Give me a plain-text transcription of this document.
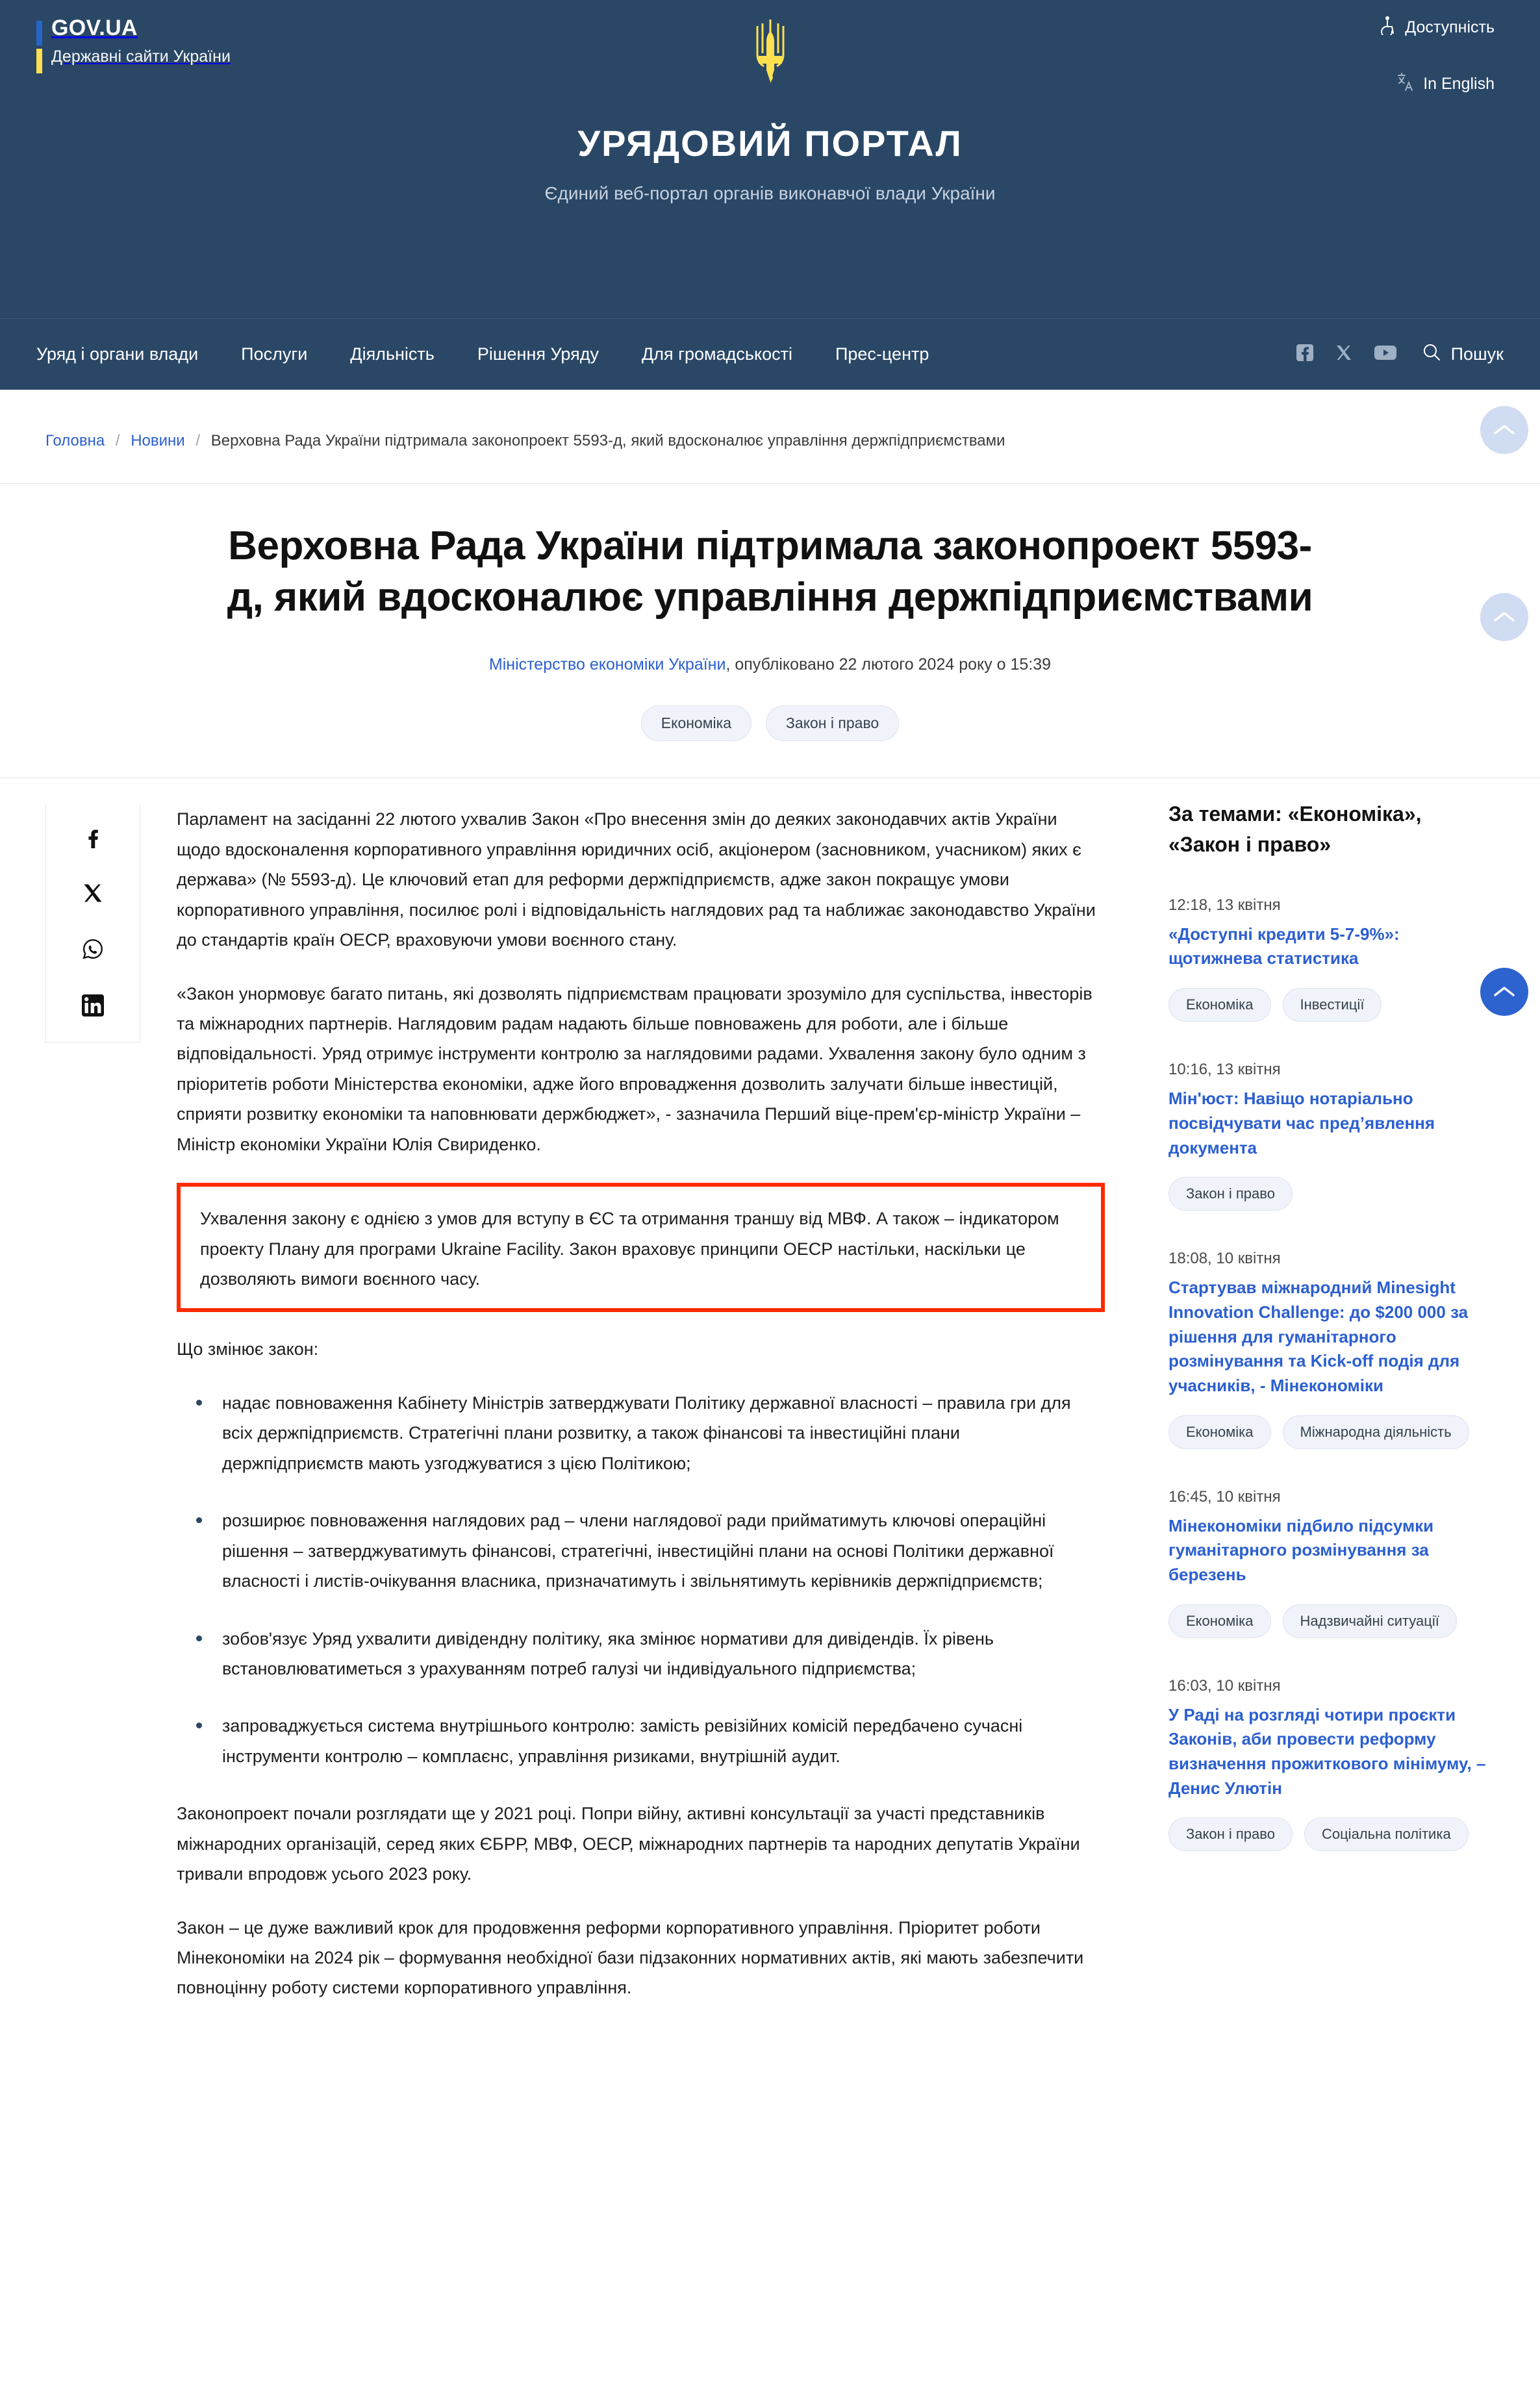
GOV.UA
Державні сайти України
Доступність
In English
УРЯДОВИЙ ПОРТАЛ
Єдиний веб-портал органів виконавчої влади України
Уряд і органи влади Послуги Діяльність Рішення Уряду Для громадськості Прес-центр	Пошук
Головна / Новини / Верховна Рада України підтримала законопроект 5593-д, який вдосконалює управління держпідприємствами
Верховна Рада України підтримала законопроект 5593-д, який вдосконалює управління держпідприємствами
Міністерство економіки України, опубліковано 22 лютого 2024 року о 15:39
Економіка	Закон і право

Парламент на засіданні 22 лютого ухвалив Закон «Про внесення змін до деяких законодавчих актів України щодо вдосконалення корпоративного управління юридичних осіб, акціонером (засновником, учасником) яких є держава» (№ 5593-д). Це ключовий етап для реформи держпідприємств, адже закон покращує умови корпоративного управління, посилює ролі і відповідальність наглядових рад та наближає законодавство України до стандартів країн ОЕСР, враховуючи умови воєнного стану.

«Закон унормовує багато питань, які дозволять підприємствам працювати зрозуміло для суспільства, інвесторів та міжнародних партнерів. Наглядовим радам надають більше повноважень для роботи, але і більше відповідальності. Уряд отримує інструменти контролю за наглядовими радами. Ухвалення закону було одним з пріоритетів роботи Міністерства економіки, адже його впровадження дозволить залучати більше інвестицій, сприяти розвитку економіки та наповнювати держбюджет», - зазначила Перший віце-прем'єр-міністр України – Міністр економіки України Юлія Свириденко.

Ухвалення закону є однією з умов для вступу в ЄС та отримання траншу від МВФ. А також – індикатором проекту Плану для програми Ukraine Facility. Закон враховує принципи ОЕСР настільки, наскільки це дозволяють вимоги воєнного часу.

Що змінює закон:

надає повноваження Кабінету Міністрів затверджувати Політику державної власності – правила гри для всіх держпідприємств. Стратегічні плани розвитку, а також фінансові та інвестиційні плани держпідприємств мають узгоджуватися з цією Політикою;
розширює повноваження наглядових рад – члени наглядової ради прийматимуть ключові операційні рішення – затверджуватимуть фінансові, стратегічні, інвестиційні плани на основі Політики державної власності і листів-очікування власника, призначатимуть і звільнятимуть керівників держпідприємств;
зобов'язує Уряд ухвалити дивідендну політику, яка змінює нормативи для дивідендів. Їх рівень встановлюватиметься з урахуванням потреб галузі чи індивідуального підприємства;
запроваджується система внутрішнього контролю: замість ревізійних комісій передбачено сучасні інструменти контролю – комплаєнс, управління ризиками, внутрішній аудит.

Законопроект почали розглядати ще у 2021 році. Попри війну, активні консультації за участі представників міжнародних організацій, серед яких ЄБРР, МВФ, ОЕСР, міжнародних партнерів та народних депутатів України тривали впродовж усього 2023 року.

Закон – це дуже важливий крок для продовження реформи корпоративного управління. Пріоритет роботи Мінекономіки на 2024 рік – формування необхідної бази підзаконних нормативних актів, які мають забезпечити повноцінну роботу системи корпоративного управління.

За темами: «Економіка», «Закон і право»
12:18, 13 квітня
«Доступні кредити 5-7-9%»: щотижнева статистика
Економіка	Інвестиції
10:16, 13 квітня
Мін'юст: Навіщо нотаріально посвідчувати час пред’явлення документа
Закон і право
18:08, 10 квітня
Стартував міжнародний Minesight Innovation Challenge: до $200 000 за рішення для гуманітарного розмінування та Kick-off подія для учасників, - Мінекономіки
Економіка	Міжнародна діяльність
16:45, 10 квітня
Мінекономіки підбило підсумки гуманітарного розмінування за березень
Економіка	Надзвичайні ситуації
16:03, 10 квітня
У Раді на розгляді чотири проєкти Законів, аби провести реформу визначення прожиткового мінімуму, – Денис Улютін
Закон і право	Соціальна політика
